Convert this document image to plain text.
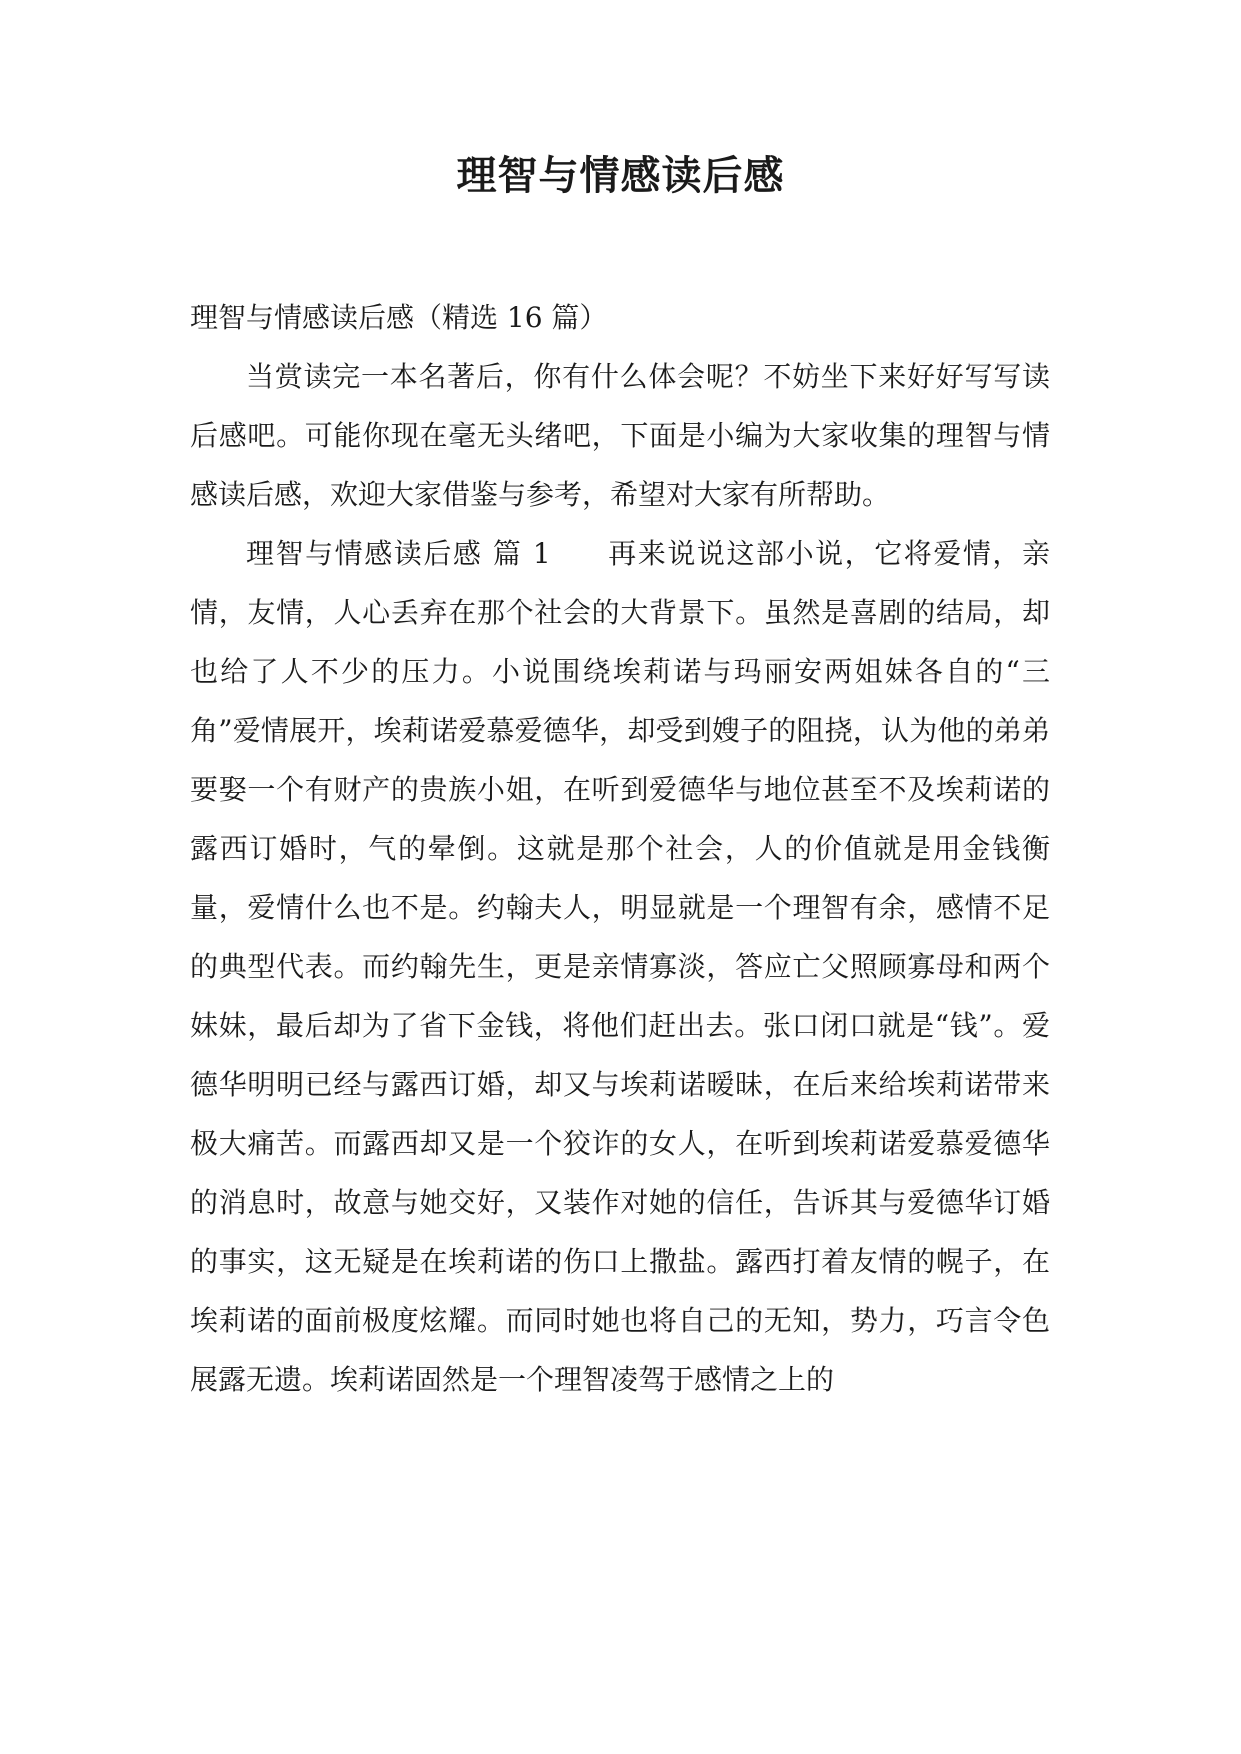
理智与情感读后感

理智与情感读后感（精选 16 篇）

当赏读完一本名著后，你有什么体会呢？不妨坐下来好好写写读后感吧。可能你现在毫无头绪吧，下面是小编为大家收集的理智与情感读后感，欢迎大家借鉴与参考，希望对大家有所帮助。

理智与情感读后感 篇 1 再来说说这部小说，它将爱情，亲情，友情，人心丢弃在那个社会的大背景下。虽然是喜剧的结局，却也给了人不少的压力。小说围绕埃莉诺与玛丽安两姐妹各自的“三角”爱情展开，埃莉诺爱慕爱德华，却受到嫂子的阻挠，认为他的弟弟要娶一个有财产的贵族小姐，在听到爱德华与地位甚至不及埃莉诺的露西订婚时，气的晕倒。这就是那个社会，人的价值就是用金钱衡量，爱情什么也不是。约翰夫人，明显就是一个理智有余，感情不足的典型代表。而约翰先生，更是亲情寡淡，答应亡父照顾寡母和两个妹妹，最后却为了省下金钱，将他们赶出去。张口闭口就是“钱”。爱德华明明已经与露西订婚，却又与埃莉诺暧昧，在后来给埃莉诺带来极大痛苦。而露西却又是一个狡诈的女人，在听到埃莉诺爱慕爱德华的消息时，故意与她交好，又装作对她的信任，告诉其与爱德华订婚的事实，这无疑是在埃莉诺的伤口上撒盐。露西打着友情的幌子，在埃莉诺的面前极度炫耀。而同时她也将自己的无知，势力，巧言令色展露无遗。埃莉诺固然是一个理智凌驾于感情之上的
